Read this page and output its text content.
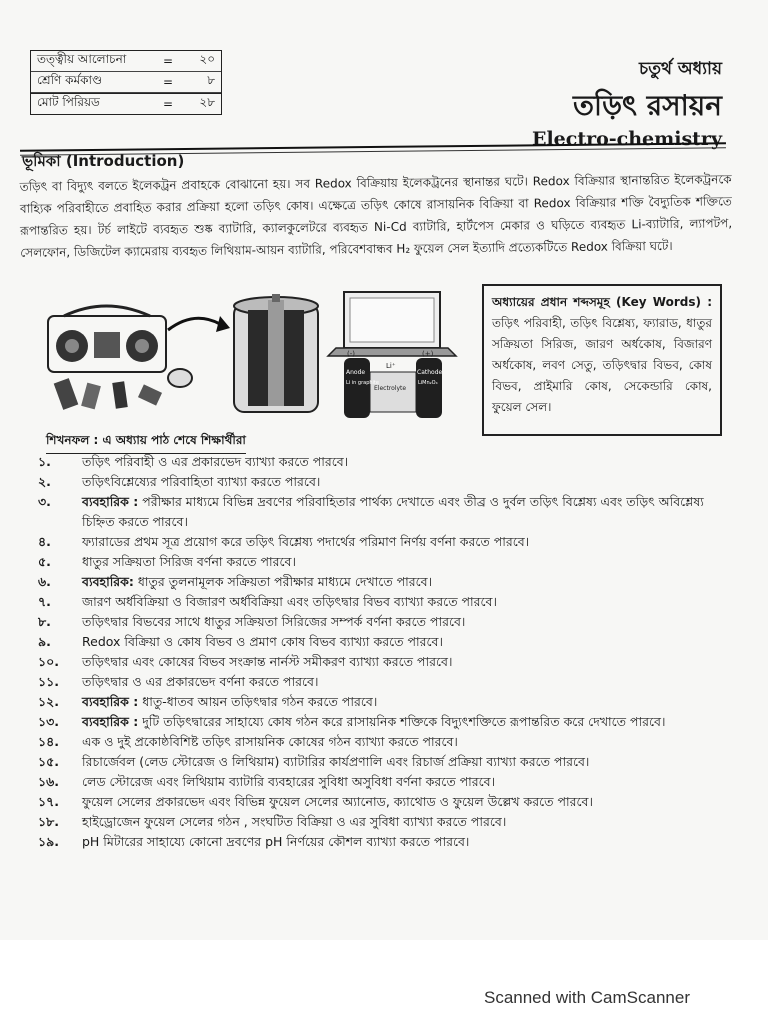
তত্ত্বীয় আলোচনা	=	২০
শ্রেণি কর্মকাণ্ড	=	৮
মোট পিরিয়ড	=	২৮
চতুর্থ অধ্যায়
তড়িৎ রসায়ন
Electro-chemistry
ভূমিকা (Introduction)
তড়িৎ বা বিদ্যুৎ বলতে ইলেকট্রন প্রবাহকে বোঝানো হয়। সব Redox বিক্রিয়ায় ইলেকট্রনের স্থানান্তর ঘটে। Redox বিক্রিয়ার স্থানান্তরিত ইলেকট্রনকে বাহ্যিক পরিবাহীতে প্রবাহিত করার প্রক্রিয়া হলো তড়িৎ কোষ। এক্ষেত্রে তড়িৎ কোষে রাসায়নিক বিক্রিয়া বা Redox বিক্রিয়ার শক্তি বৈদ্যুতিক শক্তিতে রূপান্তরিত হয়। টর্চ লাইটে ব্যবহৃত শুষ্ক ব্যাটারি, ক্যালকুলেটরে ব্যবহৃত Ni-Cd ব্যাটারি, হার্টপেস মেকার ও ঘড়িতে ব্যবহৃত Li-ব্যাটারি, ল্যাপটপ, সেলফোন, ডিজিটেল ক্যামেরায় ব্যবহৃত লিথিয়াম-আয়ন ব্যাটারি, পরিবেশবান্ধব H₂ ফুয়েল সেল ইত্যাদি প্রত্যেকটিতে Redox বিক্রিয়া ঘটে।
(-)	(+)
Anode
Li in graphite
Cathode
LiMn₂O₄
Li⁺
Electrolyte
অধ্যায়ের প্রধান শব্দসমূহ (Key Words) : তড়িৎ পরিবাহী, তড়িৎ বিশ্লেষ্য, ফ্যারাড, ধাতুর সক্রিয়তা সিরিজ, জারণ অর্ধকোষ, বিজারণ অর্ধকোষ, লবণ সেতু, তড়িৎদ্বার বিভব, কোষ বিভব, প্রাইমারি কোষ, সেকেন্ডারি কোষ, ফুয়েল সেল।
শিখনফল : এ অধ্যায় পাঠ শেষে শিক্ষার্থীরা
১.	তড়িৎ পরিবাহী ও এর প্রকারভেদ ব্যাখ্যা করতে পারবে।
২.	তড়িৎবিশ্লেষ্যের পরিবাহিতা ব্যাখ্যা করতে পারবে।
৩.	ব্যবহারিক : পরীক্ষার মাধ্যমে বিভিন্ন দ্রবণের পরিবাহিতার পার্থক্য দেখাতে এবং তীব্র ও দুর্বল তড়িৎ বিশ্লেষ্য এবং তড়িৎ অবিশ্লেষ্য চিহ্নিত করতে পারবে।
৪.	ফ্যারাডের প্রথম সূত্র প্রয়োগ করে তড়িৎ বিশ্লেষ্য পদার্থের পরিমাণ নির্ণয় বর্ণনা করতে পারবে।
৫.	ধাতুর সক্রিয়তা সিরিজ বর্ণনা করতে পারবে।
৬.	ব্যবহারিক: ধাতুর তুলনামূলক সক্রিয়তা পরীক্ষার মাধ্যমে দেখাতে পারবে।
৭.	জারণ অর্ধবিক্রিয়া ও বিজারণ অর্ধবিক্রিয়া এবং তড়িৎদ্বার বিভব ব্যাখ্যা করতে পারবে।
৮.	তড়িৎদ্বার বিভবের সাথে ধাতুর সক্রিয়তা সিরিজের সম্পর্ক বর্ণনা করতে পারবে।
৯.	Redox বিক্রিয়া ও কোষ বিভব ও প্রমাণ কোষ বিভব ব্যাখ্যা করতে পারবে।
১০.	তড়িৎদ্বার এবং কোষের বিভব সংক্রান্ত নার্নস্ট সমীকরণ ব্যাখ্যা করতে পারবে।
১১.	তড়িৎদ্বার ও এর প্রকারভেদ বর্ণনা করতে পারবে।
১২.	ব্যবহারিক : ধাতু-ধাতব আয়ন তড়িৎদ্বার গঠন করতে পারবে।
১৩.	ব্যবহারিক : দুটি তড়িৎদ্বারের সাহায্যে কোষ গঠন করে রাসায়নিক শক্তিকে বিদ্যুৎশক্তিতে রূপান্তরিত করে দেখাতে পারবে।
১৪.	এক ও দুই প্রকোষ্ঠবিশিষ্ট তড়িৎ রাসায়নিক কোষের গঠন ব্যাখ্যা করতে পারবে।
১৫.	রিচার্জেবল (লেড স্টোরেজ ও লিথিয়াম) ব্যাটারির কার্যপ্রণালি এবং রিচার্জ প্রক্রিয়া ব্যাখ্যা করতে পারবে।
১৬.	লেড স্টোরেজ এবং লিথিয়াম ব্যাটারি ব্যবহারের সুবিধা অসুবিধা বর্ণনা করতে পারবে।
১৭.	ফুয়েল সেলের প্রকারভেদ এবং বিভিন্ন ফুয়েল সেলের অ্যানোড, ক্যাথোড ও ফুয়েল উল্লেখ করতে পারবে।
১৮.	হাইড্রোজেন ফুয়েল সেলের গঠন , সংঘটিত বিক্রিয়া ও এর সুবিধা ব্যাখ্যা করতে পারবে।
১৯.	pH মিটারের সাহায্যে কোনো দ্রবণের pH নির্ণয়ের কৌশল ব্যাখ্যা করতে পারবে।
Scanned with CamScanner
